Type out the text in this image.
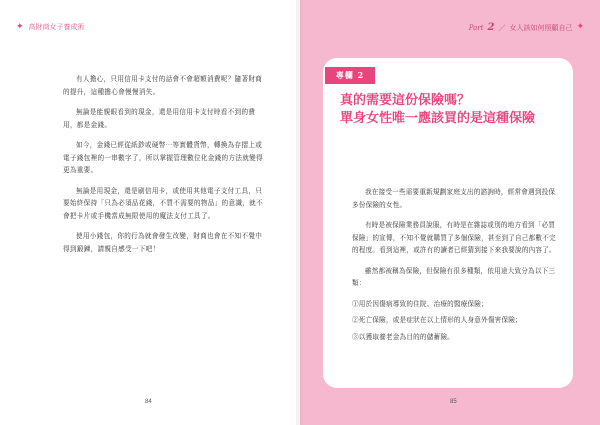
✦ 高財商女子養成術

有人擔心，只用信用卡支付的話會不會超額消費呢？隨著財商的提升，這種擔心會慢慢消失。

無論是能親眼看到的現金，還是用信用卡支付時看不到的費用，都是金錢。

如今，金錢已經從紙鈔或硬幣⋯等實體貨幣，轉換為存摺上或電子錢包裡的一串數字了，所以掌握管理數位化金錢的方法就變得更為重要。

無論是用現金，還是刷信用卡，或使用其他電子支付工具，只要始終保持「只為必須品花錢，不買不需要的物品」的意識，就不會把卡片或手機當成無限使用的魔法支付工具了。

使用小錢包，你的行為就會發生改變，財商也會在不知不覺中得到鍛鍊，請親自感受一下吧！

84
Part 2 ／ 女人該如何照顧自己 ✦
專欄 2
真的需要這份保險嗎？
單身女性唯一應該買的是這種保險

我在接受一些需要重新規劃家庭支出的諮詢時，經常會遇到投保多份保險的女性。

有時是被保險業務員說服，有時是在雜誌或別的地方看到「必買保險」的宣傳，不知不覺就購買了多個保險，甚至到了自己都數不完的程度。看到這裡，或許有的讀者已經猜到接下來我要說的內容了。

雖然都被稱為保險，但保險有很多種類，依用途大致分為以下三類：

①用於因傷病導致的住院、治療的醫療保險；
②死亡保險，或是症狀在以上情形的人身意外傷害保險；
③以獲取養老金為目的的儲蓄險。
85
